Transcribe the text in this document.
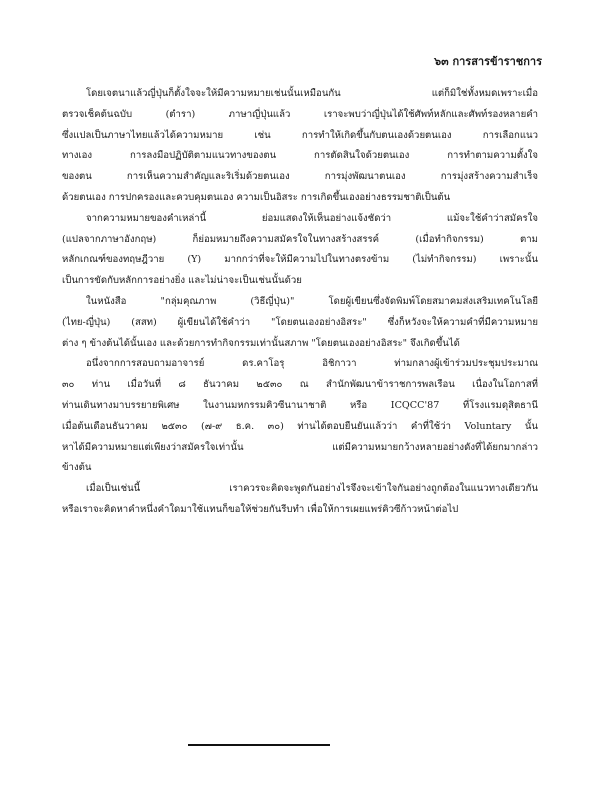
๖๓ การสารข้าราชการ
โดยเจตนาแล้วญี่ปุ่นก็ตั้งใจจะให้มีความหมายเช่นนั้นเหมือนกัน แต่ก็มิใช่ทั้งหมดเพราะเมื่อ
ตรวจเช็คต้นฉบับ (ตำรา) ภาษาญี่ปุ่นแล้ว เราจะพบว่าญี่ปุ่นได้ใช้ศัพท์หลักและศัพท์รองหลายคำ
ซึ่งแปลเป็นภาษาไทยแล้วได้ความหมาย เช่น การทำให้เกิดขึ้นกับตนเองด้วยตนเอง การเลือกแนว
ทางเอง การลงมือปฏิบัติตามแนวทางของตน การตัดสินใจด้วยตนเอง การทำตามความตั้งใจ
ของตน การเห็นความสำคัญและริเริ่มด้วยตนเอง การมุ่งพัฒนาตนเอง การมุ่งสร้างความสำเร็จ
ด้วยตนเอง การปกครองและควบคุมตนเอง ความเป็นอิสระ การเกิดขึ้นเองอย่างธรรมชาติเป็นต้น
จากความหมายของคำเหล่านี้ ย่อมแสดงให้เห็นอย่างแจ้งชัดว่า แม้จะใช้คำว่าสมัครใจ
(แปลจากภาษาอังกฤษ) ก็ย่อมหมายถึงความสมัครใจในทางสร้างสรรค์ (เมื่อทำกิจกรรม) ตาม
หลักเกณฑ์ของทฤษฎีวาย (Y) มากกว่าที่จะให้มีความไปในทางตรงข้าม (ไม่ทำกิจกรรม) เพราะนั้น
เป็นการขัดกับหลักการอย่างยิ่ง และไม่น่าจะเป็นเช่นนั้นด้วย
ในหนังสือ "กลุ่มคุณภาพ (วิธีญี่ปุ่น)" โดยผู้เขียนซึ่งจัดพิมพ์โดยสมาคมส่งเสริมเทคโนโลยี
(ไทย-ญี่ปุ่น) (สสท) ผู้เขียนได้ใช้คำว่า "โดยตนเองอย่างอิสระ" ซึ่งก็หวังจะให้ความคำที่มีความหมาย
ต่าง ๆ ข้างต้นได้นั้นเอง และด้วยการทำกิจกรรมเท่านั้นสภาพ "โดยตนเองอย่างอิสระ" จึงเกิดขึ้นได้
อนึ่งจากการสอบถามอาจารย์ ดร.คาโอรุ อิชิกาวา ท่ามกลางผู้เข้าร่วมประชุมประมาณ
๓๐ ท่าน เมื่อวันที่ ๘ ธันวาคม ๒๕๓๐ ณ สำนักพัฒนาข้าราชการพลเรือน เนื่องในโอกาสที่
ท่านเดินทางมาบรรยายพิเศษ ในงานมหกรรมคิวซีนานาชาติ หรือ ICQCC'87 ที่โรงแรมดุสิตธานี
เมื่อต้นเดือนธันวาคม ๒๕๓๐ (๗-๙ ธ.ค. ๓๐) ท่านได้ตอบยืนยันแล้วว่า คำที่ใช้ว่า Voluntary นั้น
หาได้มีความหมายแต่เพียงว่าสมัครใจเท่านั้น แต่มีความหมายกว้างหลายอย่างดังที่ได้ยกมากล่าว
ข้างต้น
เมื่อเป็นเช่นนี้ เราควรจะคิดจะพูดกันอย่างไรจึงจะเข้าใจกันอย่างถูกต้องในแนวทางเดียวกัน
หรือเราจะคิดหาคำหนึ่งคำใดมาใช้แทนก็ขอให้ช่วยกันรีบทำ เพื่อให้การเผยแพร่คิวซีก้าวหน้าต่อไป
